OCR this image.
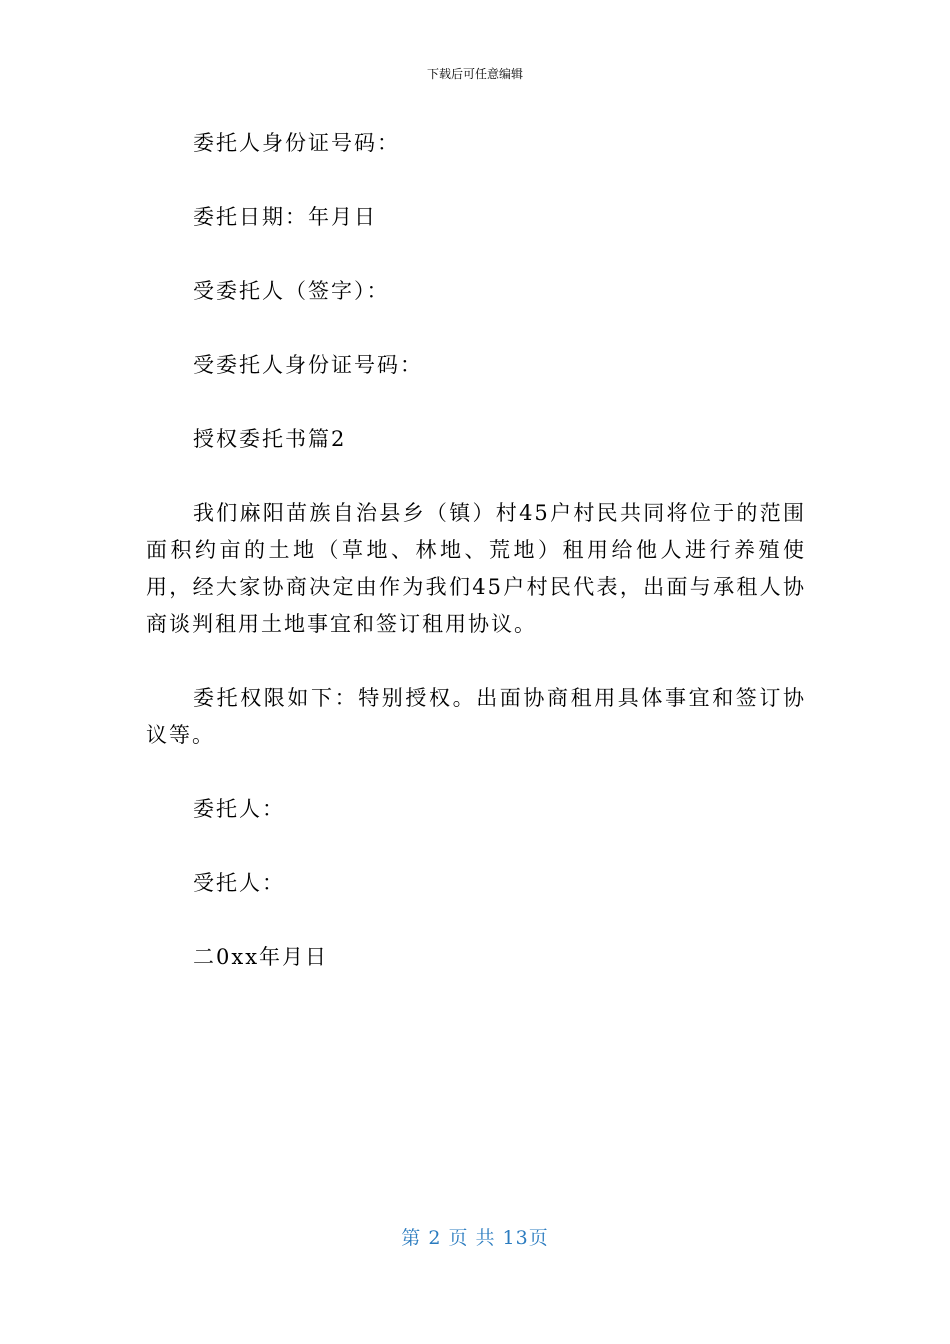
下载后可任意编辑

委托人身份证号码：

委托日期：年月日

受委托人（签字）：

受委托人身份证号码：

授权委托书篇2

我们麻阳苗族自治县乡（镇）村45户村民共同将位于的范围面积约亩的土地（草地、林地、荒地）租用给他人进行养殖使用，经大家协商决定由作为我们45户村民代表，出面与承租人协商谈判租用土地事宜和签订租用协议。

委托权限如下：特别授权。出面协商租用具体事宜和签订协议等。

委托人：

受托人：

二0xx年月日

第 2 页 共 13页
